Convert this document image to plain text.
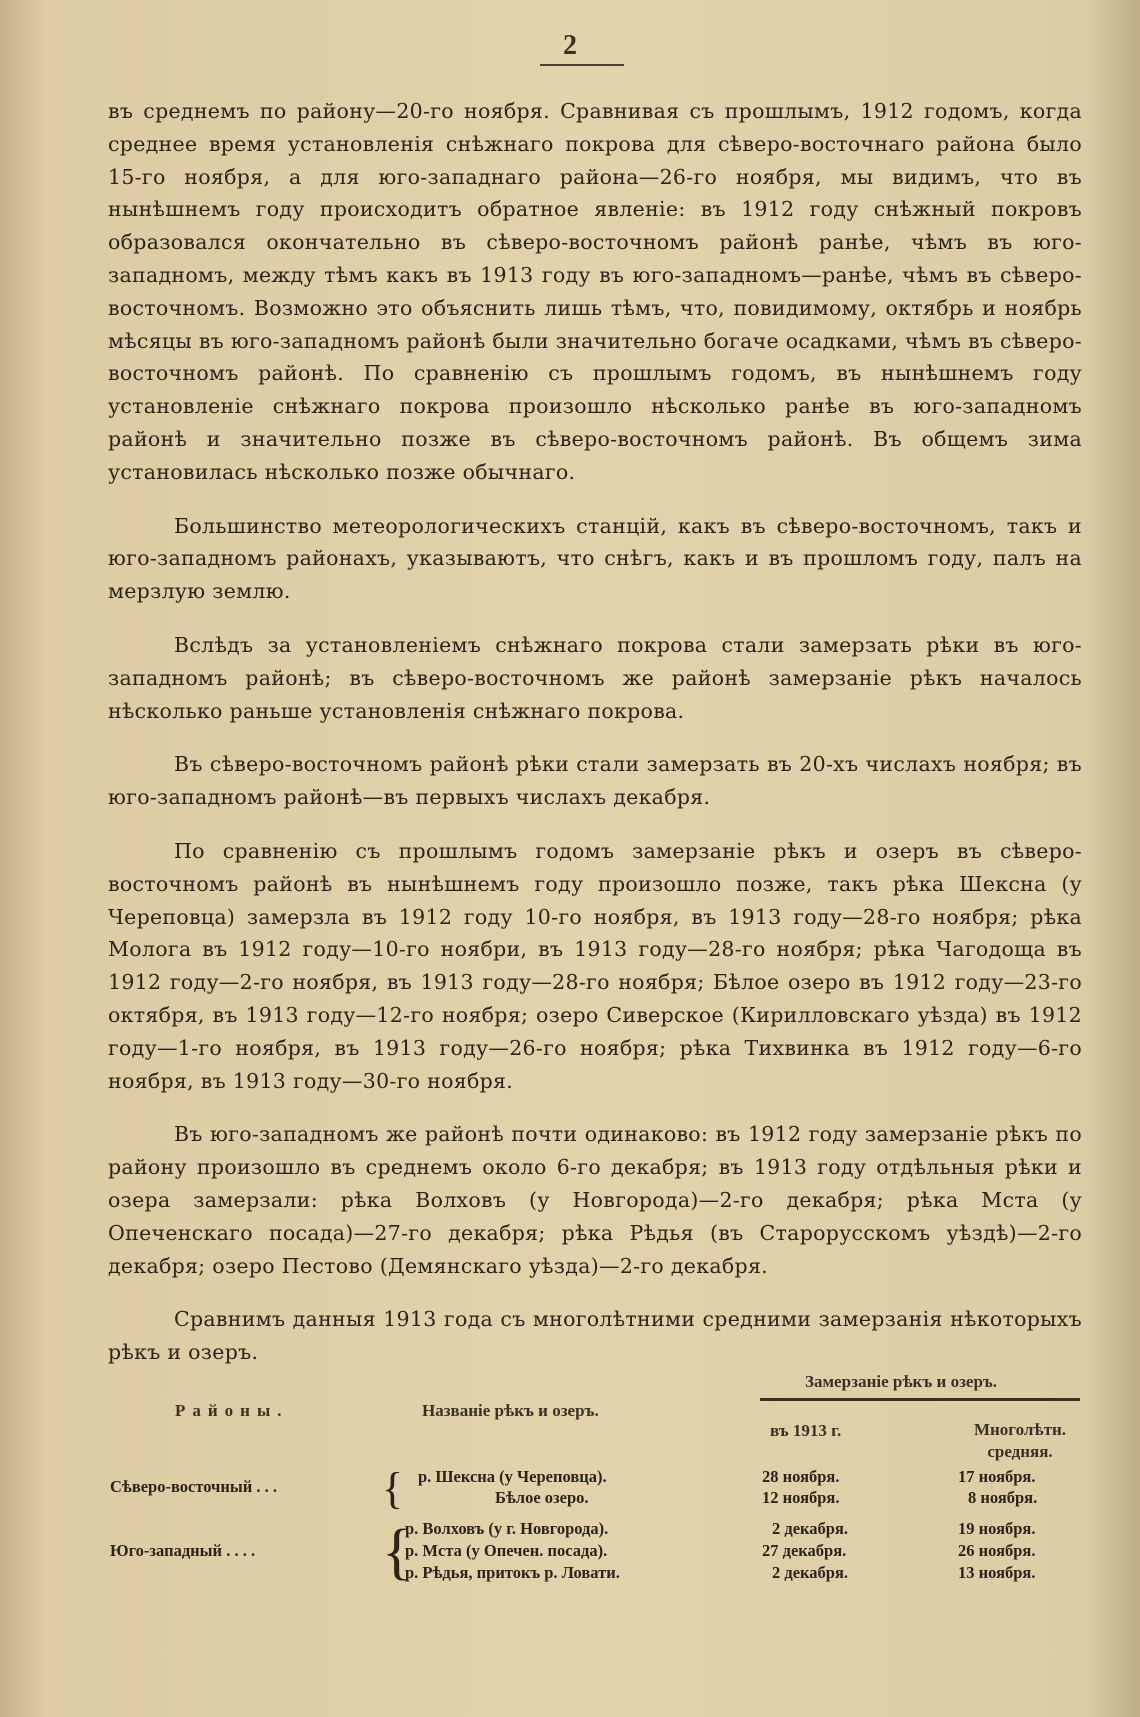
2

въ среднемъ по району—20-го ноября. Сравнивая съ прошлымъ, 1912 годомъ, когда среднее время установленія снѣжнаго покрова для сѣверо-восточнаго района было 15-го ноября, а для юго-западнаго района—26-го ноября, мы видимъ, что въ нынѣшнемъ году происходитъ обратное явленіе: въ 1912 году снѣжный покровъ образовался окончательно въ сѣверо-восточномъ районѣ ранѣе, чѣмъ въ юго-западномъ, между тѣмъ какъ въ 1913 году въ юго-западномъ—ранѣе, чѣмъ въ сѣверо-восточномъ. Возможно это объяснить лишь тѣмъ, что, повидимому, октябрь и ноябрь мѣсяцы въ юго-западномъ районѣ были значительно богаче осадками, чѣмъ въ сѣверо-восточномъ районѣ. По сравненію съ прошлымъ годомъ, въ нынѣшнемъ году установленіе снѣжнаго покрова произошло нѣсколько ранѣе въ юго-западномъ районѣ и значительно позже въ сѣверо-восточномъ районѣ. Въ общемъ зима установилась нѣсколько позже обычнаго.

Большинство метеорологическихъ станцій, какъ въ сѣверо-восточномъ, такъ и юго-западномъ районахъ, указываютъ, что снѣгъ, какъ и въ прошломъ году, палъ на мерзлую землю.

Вслѣдъ за установленіемъ снѣжнаго покрова стали замерзать рѣки въ юго-западномъ районѣ; въ сѣверо-восточномъ же районѣ замерзаніе рѣкъ началось нѣсколько раньше установленія снѣжнаго покрова.

Въ сѣверо-восточномъ районѣ рѣки стали замерзать въ 20-хъ числахъ ноября; въ юго-западномъ районѣ—въ первыхъ числахъ декабря.

По сравненію съ прошлымъ годомъ замерзаніе рѣкъ и озеръ въ сѣверо-восточномъ районѣ въ нынѣшнемъ году произошло позже, такъ рѣка Шексна (у Череповца) замерзла въ 1912 году 10-го ноября, въ 1913 году—28-го ноября; рѣка Молога въ 1912 году—10-го ноябри, въ 1913 году—28-го ноября; рѣка Чагодоща въ 1912 году—2-го ноября, въ 1913 году—28-го ноября; Бѣлое озеро въ 1912 году—23-го октября, въ 1913 году—12-го ноября; озеро Сиверское (Кирилловскаго уѣзда) въ 1912 году—1-го ноября, въ 1913 году—26-го ноября; рѣка Тихвинка въ 1912 году—6-го ноября, въ 1913 году—30-го ноября.

Въ юго-западномъ же районѣ почти одинаково: въ 1912 году замерзаніе рѣкъ по району произошло въ среднемъ около 6-го декабря; въ 1913 году отдѣльныя рѣки и озера замерзали: рѣка Волховъ (у Новгорода)—2-го декабря; рѣка Мста (у Опеченскаго посада)—27-го декабря; рѣка Рѣдья (въ Старорусскомъ уѣздѣ)—2-го декабря; озеро Пестово (Демянскаго уѣзда)—2-го декабря.

Сравнимъ данныя 1913 года съ многолѣтними средними замерзанія нѣкоторыхъ рѣкъ и озеръ.

Районы.	Названіе рѣкъ и озеръ.
Замерзаніе рѣкъ и озеръ.
въ 1913 г.	Многолѣтн.
средняя.
Сѣверо-восточный . . . { р. Шексна (у Череповца).
Бѣлое озеро.
28 ноября.
12 ноября.
17 ноября.
8 ноября.
Юго-западный . . . . {
р. Волховъ (у г. Новгорода).
р. Мста (у Опечен. посада).
р. Рѣдья, притокъ р. Ловати.
2 декабря.
27 декабря.
2 декабря.
19 ноября.
26 ноября.
13 ноября.
